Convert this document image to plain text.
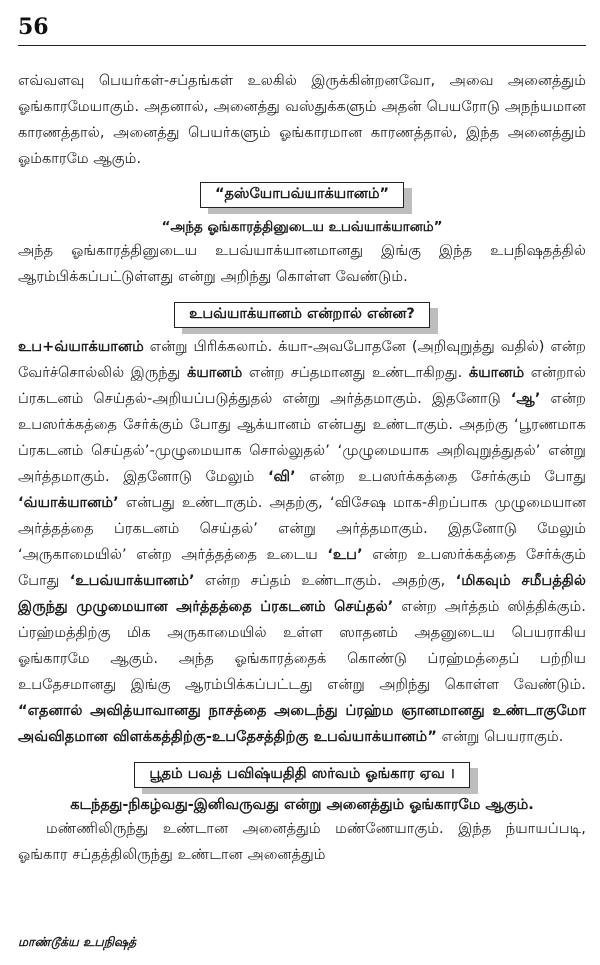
56

எவ்வளவு பெயர்கள்-சப்தங்கள் உலகில் இருக்கின்றனவோ, அவை அனைத்தும் ஓங்காரமேயாகும். அதனால், அனைத்து வஸ்துக்களும் அதன் பெயரோடு அநந்யமான காரணத்தால், அனைத்து பெயர்களும் ஓங்காரமான காரணத்தால், இந்த அனைத்தும் ஓம்காரமே ஆகும்.

“தஸ்யோபவ்யாக்யானம்”
“அந்த ஓங்காரத்தினுடைய உபவ்யாக்யானம்”

அந்த ஓங்காரத்தினுடைய உபவ்யாக்யானமானது இங்கு இந்த உபநிஷதத்தில் ஆரம்பிக்கப்பட்டுள்ளது என்று அறிந்து கொள்ள வேண்டும்.

உபவ்யாக்யானம் என்றால் என்ன?

உப+வ்யாக்யானம் என்று பிரிக்கலாம். க்யா-அவபோதனே (அறிவுறுத்து வதில்) என்ற வேர்ச்சொல்லில் இருந்து க்யானம் என்ற சப்தமானது உண்டாகிறது. க்யானம் என்றால் ப்ரகடனம் செய்தல்-அறியப்படுத்துதல் என்று அர்த்தமாகும். இதனோடு ‘ஆ’ என்ற உபஸர்க்கத்தை சேர்க்கும் போது ஆக்யானம் என்பது உண்டாகும். அதற்கு ‘பூரணமாக ப்ரகடனம் செய்தல்’-முழுமையாக சொல்லுதல்’ ‘முழுமையாக அறிவுறுத்துதல்’ என்று அர்த்தமாகும். இதனோடு மேலும் ‘வி’ என்ற உபஸர்க்கத்தை சேர்க்கும் போது ‘வ்யாக்யானம்’ என்பது உண்டாகும். அதற்கு, ‘விசேஷ மாக-சிறப்பாக முழுமையான அர்த்தத்தை ப்ரகடனம் செய்தல்’ என்று அர்த்தமாகும். இதனோடு மேலும் ‘அருகாமையில்’ என்ற அர்த்தத்தை உடைய ‘உப’ என்ற உபஸர்க்கத்தை சேர்க்கும் போது ‘உபவ்யாக்யானம்’ என்ற சப்தம் உண்டாகும். அதற்கு, ‘மிகவும் சமீபத்தில் இருந்து முழுமையான அர்த்தத்தை ப்ரகடனம் செய்தல்’ என்ற அர்த்தம் ஸித்திக்கும். ப்ரஹ்மத்திற்கு மிக அருகாமையில் உள்ள ஸாதனம் அதனுடைய பெயராகிய ஓங்காரமே ஆகும். அந்த ஓங்காரத்தைக் கொண்டு ப்ரஹ்மத்தைப் பற்றிய உபதேசமானது இங்கு ஆரம்பிக்கப்பட்டது என்று அறிந்து கொள்ள வேண்டும். “எதனால் அவித்யாவானது நாசத்தை அடைந்து ப்ரஹ்ம ஞானமானது உண்டாகுமோ அவ்விதமான விளக்கத்திற்கு-உபதேசத்திற்கு உபவ்யாக்யானம்” என்று பெயராகும்.

பூதம் பவத் பவிஷ்யதிதி ஸர்வம் ஓங்கார ஏவ ।
கடந்தது-நிகழ்வது-இனிவருவது என்று அனைத்தும் ஓங்காரமே ஆகும்.

மண்ணிலிருந்து உண்டான அனைத்தும் மண்ணேயாகும். இந்த ந்யாயப்படி, ஓங்கார சப்தத்திலிருந்து உண்டான அனைத்தும்

மாண்டூக்ய உபநிஷத்
